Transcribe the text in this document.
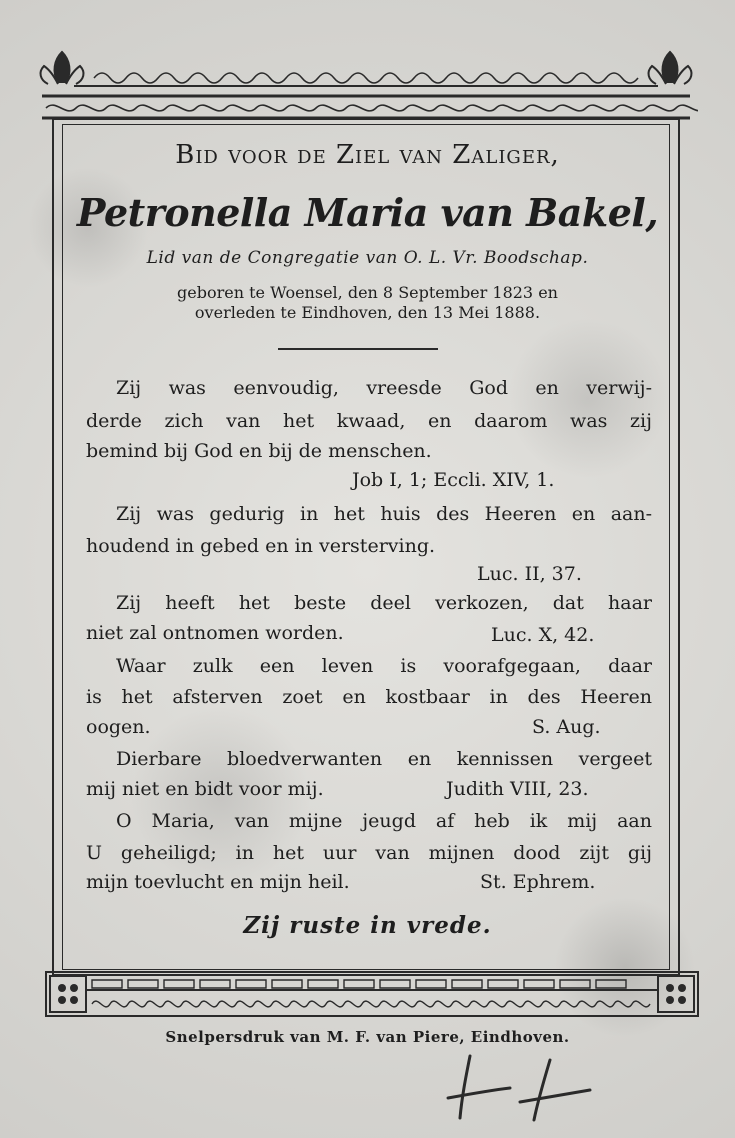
Bid voor de Ziel van Zaliger,
Petronella Maria van Bakel,
Lid van de Congregatie van O. L. Vr. Boodschap.
geboren te Woensel, den 8 September 1823 en
overleden te Eindhoven, den 13 Mei 1888.
Zij was eenvoudig, vreesde God en verwij-
derde zich van het kwaad, en daarom was zij
bemind bij God en bij de menschen.
Zij was gedurig in het huis des Heeren en aan-
houdend in gebed en in versterving.
Zij heeft het beste deel verkozen, dat haar
niet zal ontnomen worden.
Waar zulk een leven is voorafgegaan, daar
is het afsterven zoet en kostbaar in des Heeren
oogen.
Dierbare bloedverwanten en kennissen vergeet
mij niet en bidt voor mij.
O Maria, van mijne jeugd af heb ik mij aan
U geheiligd; in het uur van mijnen dood zijt gij
mijn toevlucht en mijn heil.
Job I, 1; Eccli. XIV, 1.
Luc. II, 37.
Luc. X, 42.
S. Aug.
Judith VIII, 23.
St. Ephrem.
Zij ruste in vrede.
Snelpersdruk van M. F. van Piere, Eindhoven.
